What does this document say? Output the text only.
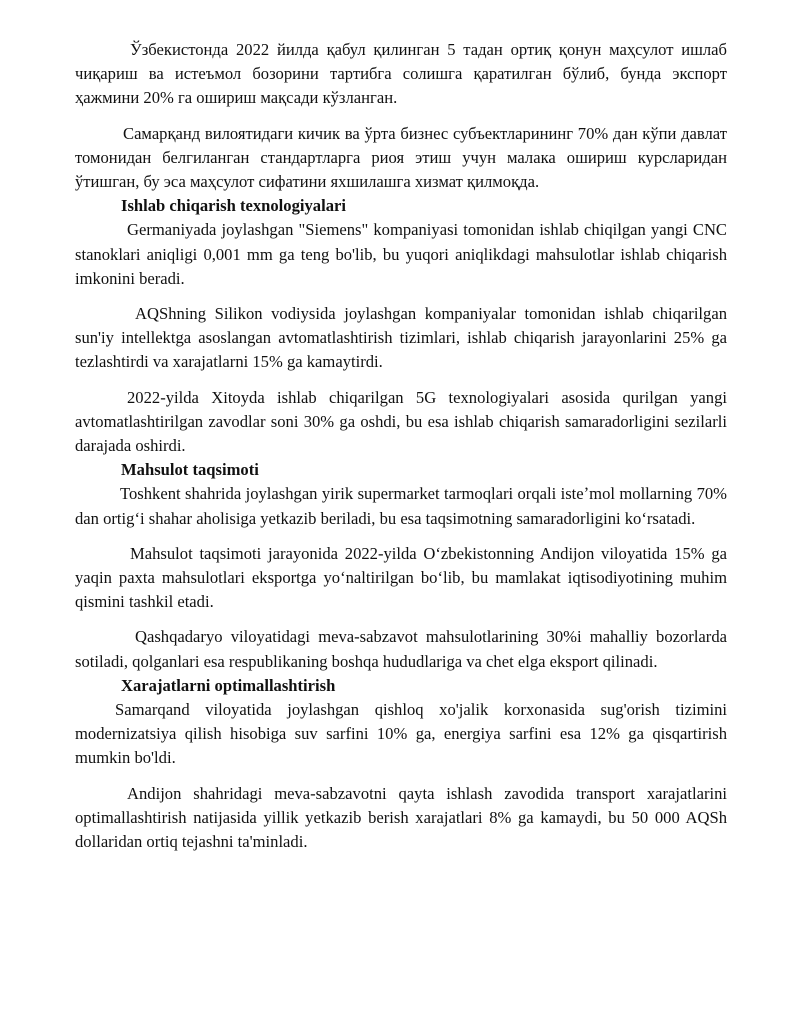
Ўзбекистонда 2022 йилда қабул қилинган 5 тадан ортиқ қонун маҳсулот ишлаб чиқариш ва истеъмол бозорини тартибга солишга қаратилган бўлиб, бунда экспорт ҳажмини 20% га ошириш мақсади кўзланган.

Самарқанд вилоятидаги кичик ва ўрта бизнес субъектларининг 70% дан кўпи давлат томонидан белгиланган стандартларга риоя этиш учун малака ошириш курсларидан ўтишган, бу эса маҳсулот сифатини яхшилашга хизмат қилмоқда.

Ishlab chiqarish texnologiyalari

Germaniyada joylashgan "Siemens" kompaniyasi tomonidan ishlab chiqilgan yangi CNC stanoklari aniqligi 0,001 mm ga teng bo'lib, bu yuqori aniqlikdagi mahsulotlar ishlab chiqarish imkonini beradi.

AQShning Silikon vodiysida joylashgan kompaniyalar tomonidan ishlab chiqarilgan sun'iy intellektga asoslangan avtomatlashtirish tizimlari, ishlab chiqarish jarayonlarini 25% ga tezlashtirdi va xarajatlarni 15% ga kamaytirdi.

2022-yilda Xitoyda ishlab chiqarilgan 5G texnologiyalari asosida qurilgan yangi avtomatlashtirilgan zavodlar soni 30% ga oshdi, bu esa ishlab chiqarish samaradorligini sezilarli darajada oshirdi.

Mahsulot taqsimoti

Toshkent shahrida joylashgan yirik supermarket tarmoqlari orqali isteʼmol mollarning 70% dan ortigʻi shahar aholisiga yetkazib beriladi, bu esa taqsimotning samaradorligini koʻrsatadi.

Mahsulot taqsimoti jarayonida 2022-yilda Oʻzbekistonning Andijon viloyatida 15% ga yaqin paxta mahsulotlari eksportga yoʻnaltirilgan boʻlib, bu mamlakat iqtisodiyotining muhim qismini tashkil etadi.

Qashqadaryo viloyatidagi meva-sabzavot mahsulotlarining 30%i mahalliy bozorlarda sotiladi, qolganlari esa respublikaning boshqa hududlariga va chet elga eksport qilinadi.

Xarajatlarni optimallashtirish

Samarqand viloyatida joylashgan qishloq xo'jalik korxonasida sug'orish tizimini modernizatsiya qilish hisobiga suv sarfini 10% ga, energiya sarfini esa 12% ga qisqartirish mumkin bo'ldi.

Andijon shahridagi meva-sabzavotni qayta ishlash zavodida transport xarajatlarini optimallashtirish natijasida yillik yetkazib berish xarajatlari 8% ga kamaydi, bu 50 000 AQSh dollaridan ortiq tejashni ta'minladi.
